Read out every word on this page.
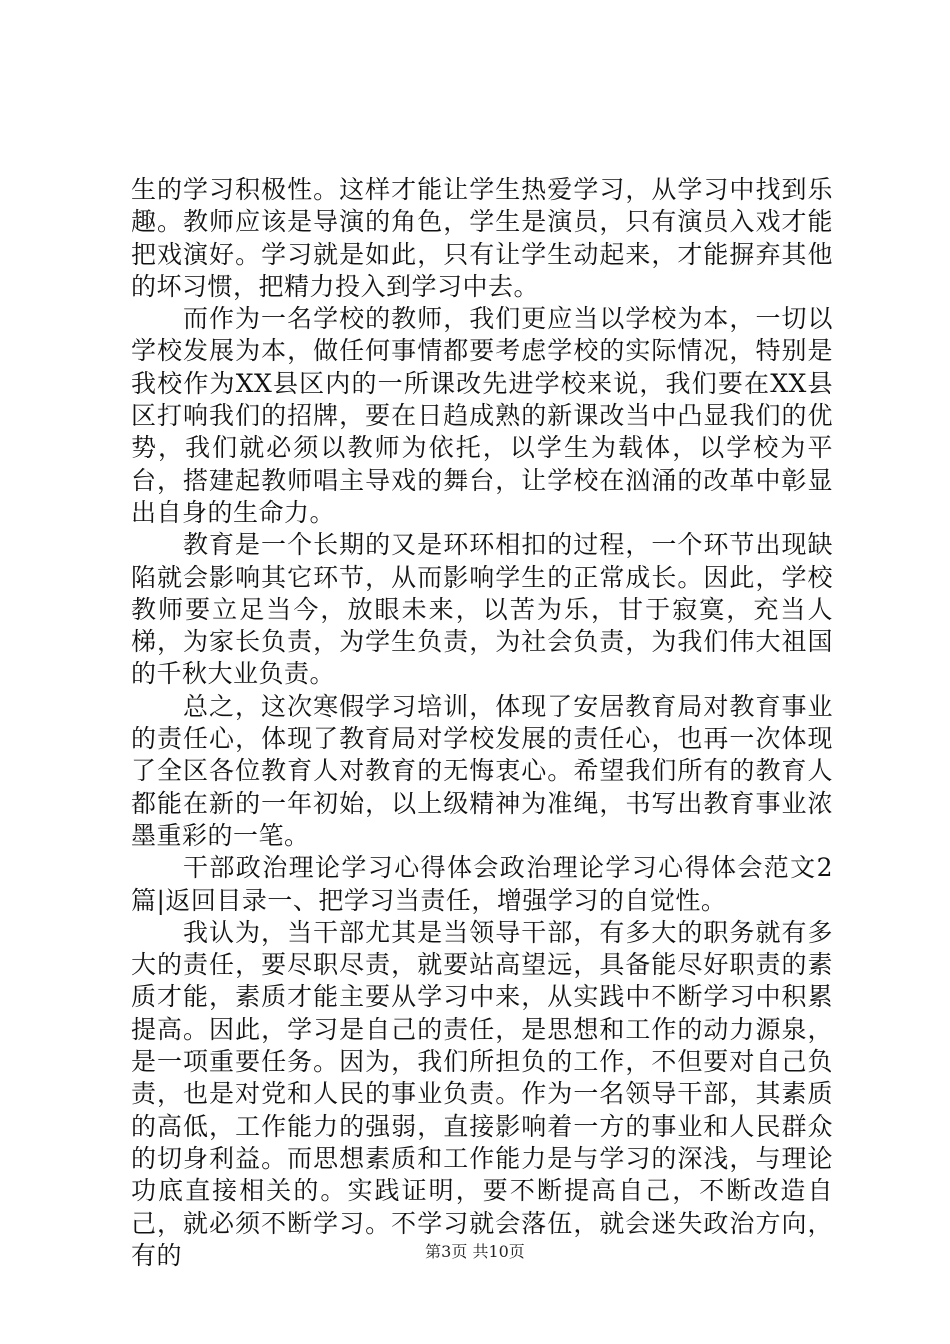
生的学习积极性。这样才能让学生热爱学习，从学习中找到乐趣。教师应该是导演的角色，学生是演员，只有演员入戏才能把戏演好。学习就是如此，只有让学生动起来，才能摒弃其他的坏习惯，把精力投入到学习中去。

而作为一名学校的教师，我们更应当以学校为本，一切以学校发展为本，做任何事情都要考虑学校的实际情况，特别是我校作为XX县区内的一所课改先进学校来说，我们要在XX县区打响我们的招牌，要在日趋成熟的新课改当中凸显我们的优势，我们就必须以教师为依托，以学生为载体，以学校为平台，搭建起教师唱主导戏的舞台，让学校在汹涌的改革中彰显出自身的生命力。

教育是一个长期的又是环环相扣的过程，一个环节出现缺陷就会影响其它环节，从而影响学生的正常成长。因此，学校教师要立足当今，放眼未来，以苦为乐，甘于寂寞，充当人梯，为家长负责，为学生负责，为社会负责，为我们伟大祖国的千秋大业负责。

总之，这次寒假学习培训，体现了安居教育局对教育事业的责任心，体现了教育局对学校发展的责任心，也再一次体现了全区各位教育人对教育的无悔衷心。希望我们所有的教育人都能在新的一年初始，以上级精神为准绳，书写出教育事业浓墨重彩的一笔。

干部政治理论学习心得体会政治理论学习心得体会范文2篇|返回目录一、把学习当责任，增强学习的自觉性。

我认为，当干部尤其是当领导干部，有多大的职务就有多大的责任，要尽职尽责，就要站高望远，具备能尽好职责的素质才能，素质才能主要从学习中来，从实践中不断学习中积累提高。因此，学习是自己的责任，是思想和工作的动力源泉，是一项重要任务。因为，我们所担负的工作，不但要对自己负责，也是对党和人民的事业负责。作为一名领导干部，其素质的高低，工作能力的强弱，直接影响着一方的事业和人民群众的切身利益。而思想素质和工作能力是与学习的深浅，与理论功底直接相关的。实践证明，要不断提高自己，不断改造自己，就必须不断学习。不学习就会落伍，就会迷失政治方向，有的	第3页 共10页
